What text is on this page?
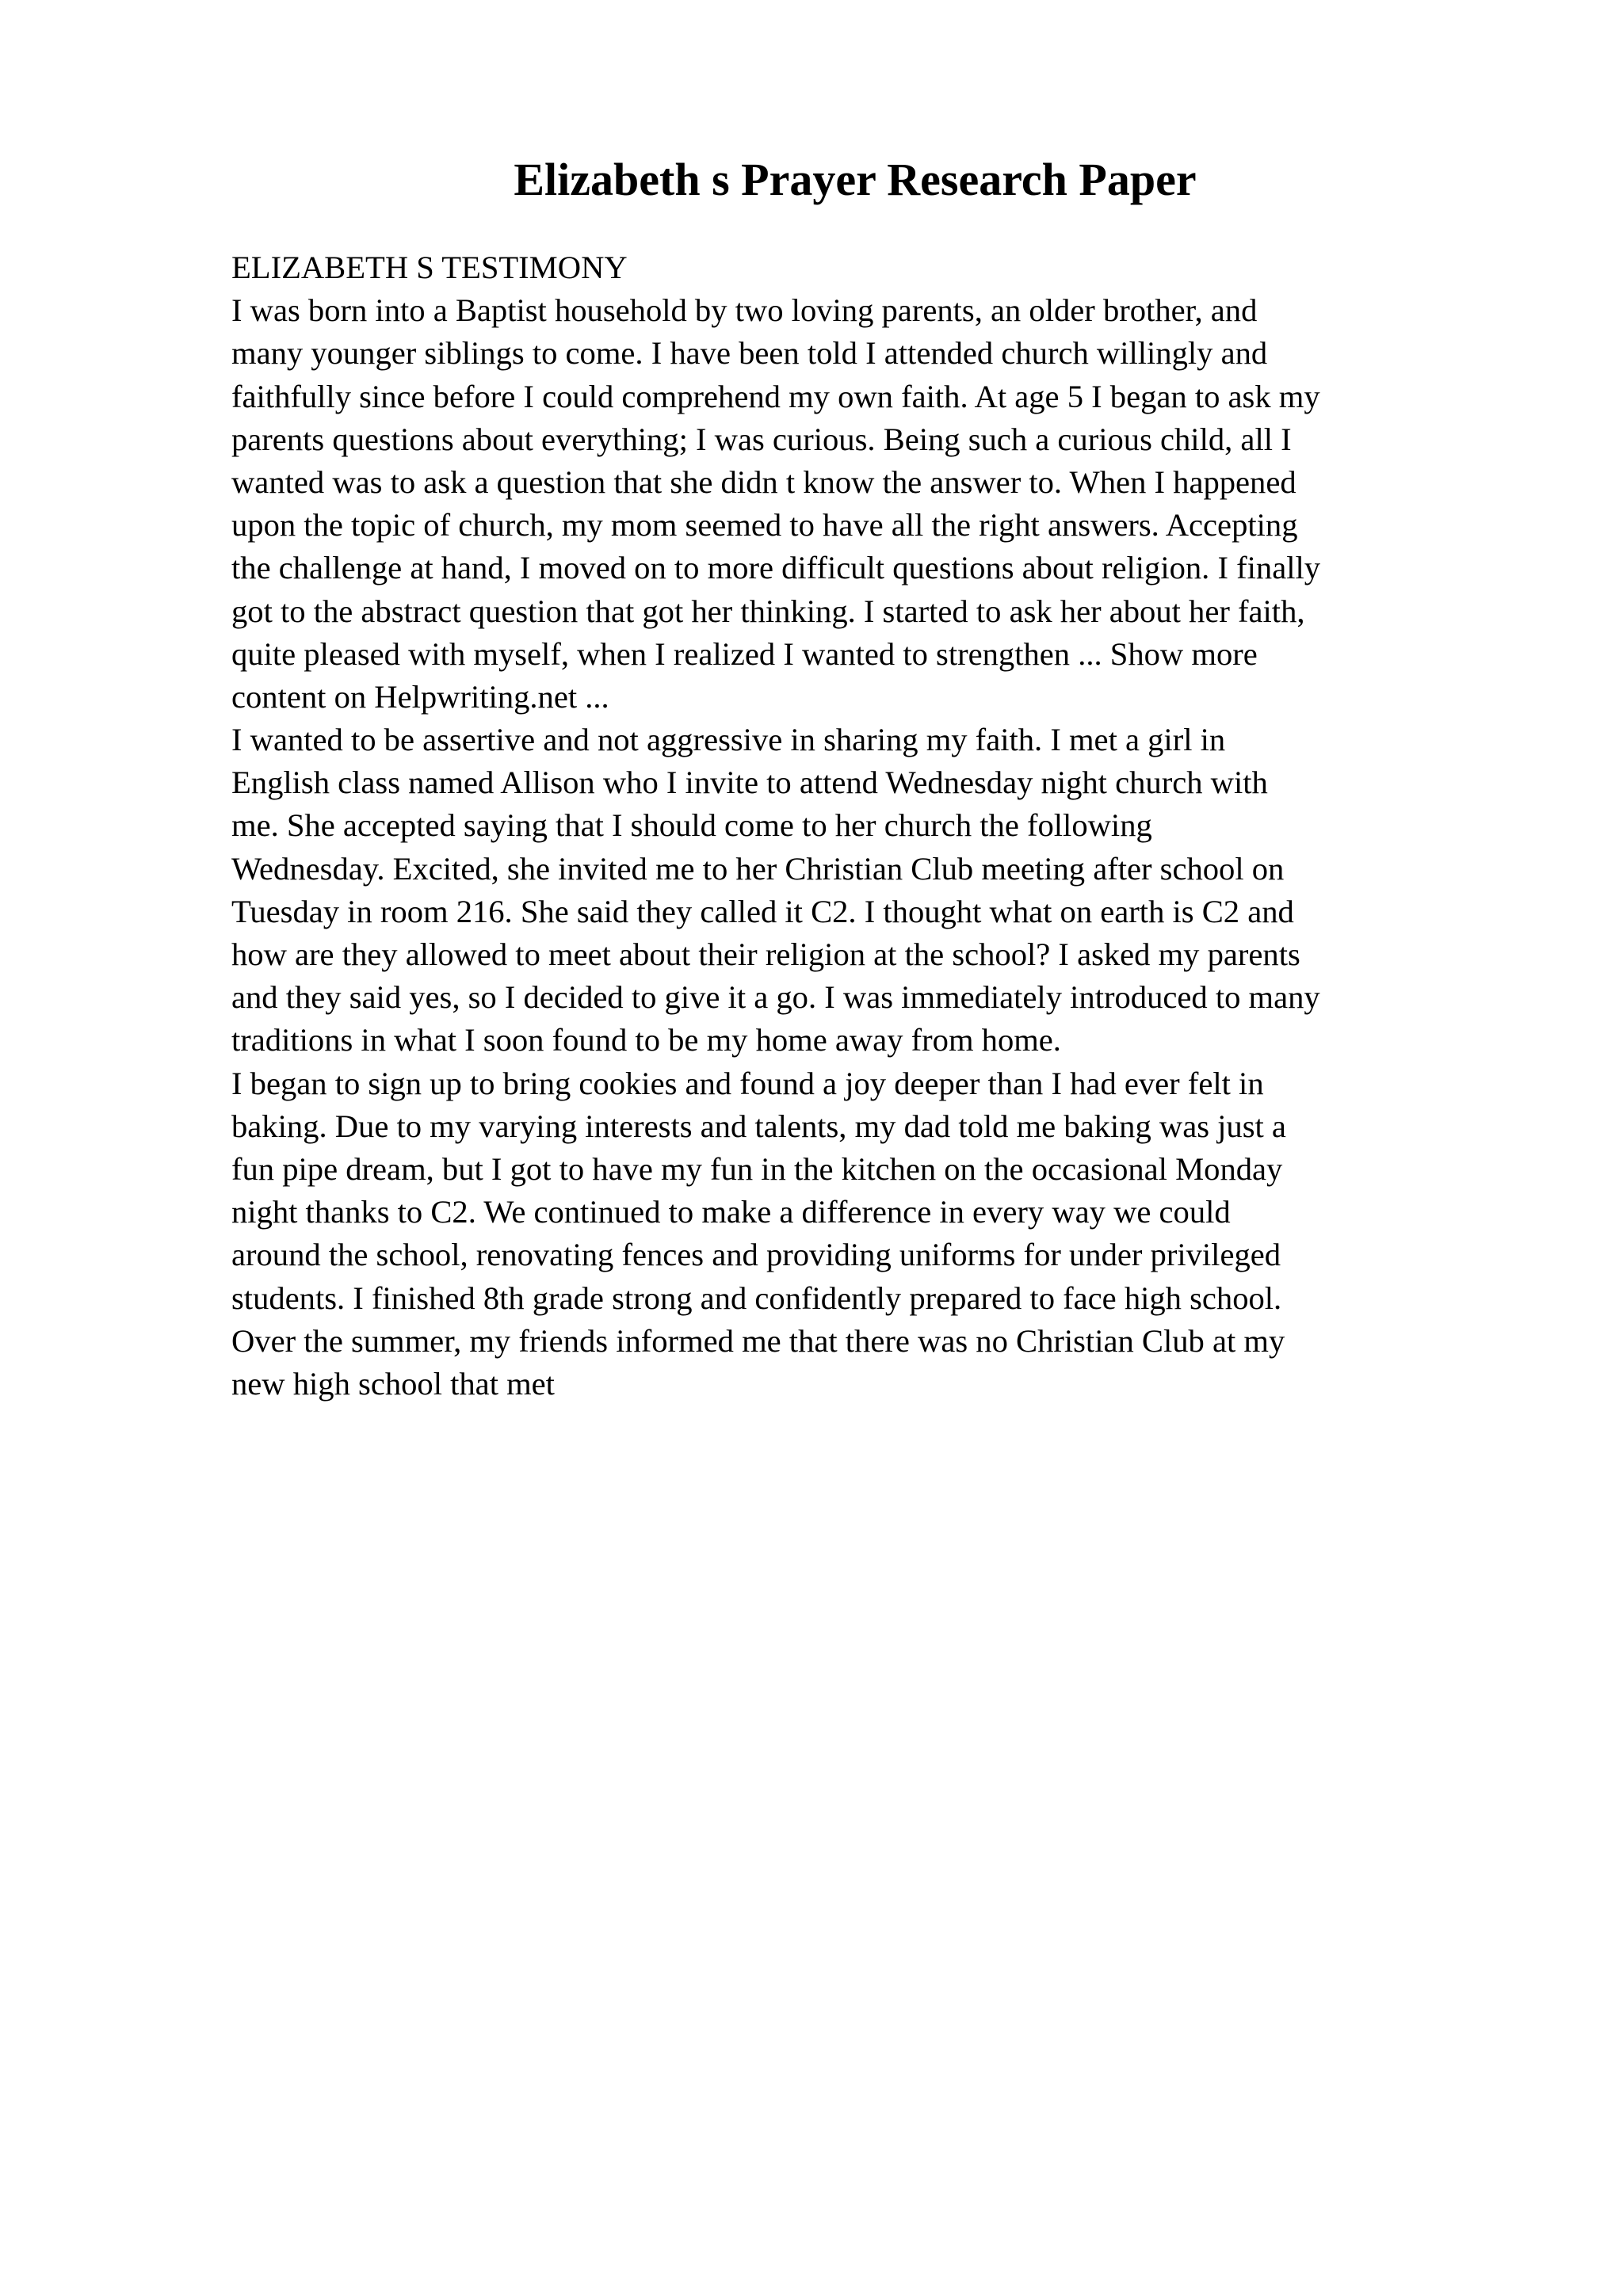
Elizabeth s Prayer Research Paper
ELIZABETH S TESTIMONY
I was born into a Baptist household by two loving parents, an older brother, and
many younger siblings to come. I have been told I attended church willingly and
faithfully since before I could comprehend my own faith. At age 5 I began to ask my
parents questions about everything; I was curious. Being such a curious child, all I
wanted was to ask a question that she didn t know the answer to. When I happened
upon the topic of church, my mom seemed to have all the right answers. Accepting
the challenge at hand, I moved on to more difficult questions about religion. I finally
got to the abstract question that got her thinking. I started to ask her about her faith,
quite pleased with myself, when I realized I wanted to strengthen ... Show more
content on Helpwriting.net ...
I wanted to be assertive and not aggressive in sharing my faith. I met a girl in
English class named Allison who I invite to attend Wednesday night church with
me. She accepted saying that I should come to her church the following
Wednesday. Excited, she invited me to her Christian Club meeting after school on
Tuesday in room 216. She said they called it C2. I thought what on earth is C2 and
how are they allowed to meet about their religion at the school? I asked my parents
and they said yes, so I decided to give it a go. I was immediately introduced to many
traditions in what I soon found to be my home away from home.
I began to sign up to bring cookies and found a joy deeper than I had ever felt in
baking. Due to my varying interests and talents, my dad told me baking was just a
fun pipe dream, but I got to have my fun in the kitchen on the occasional Monday
night thanks to C2. We continued to make a difference in every way we could
around the school, renovating fences and providing uniforms for under privileged
students. I finished 8th grade strong and confidently prepared to face high school.
Over the summer, my friends informed me that there was no Christian Club at my
new high school that met
